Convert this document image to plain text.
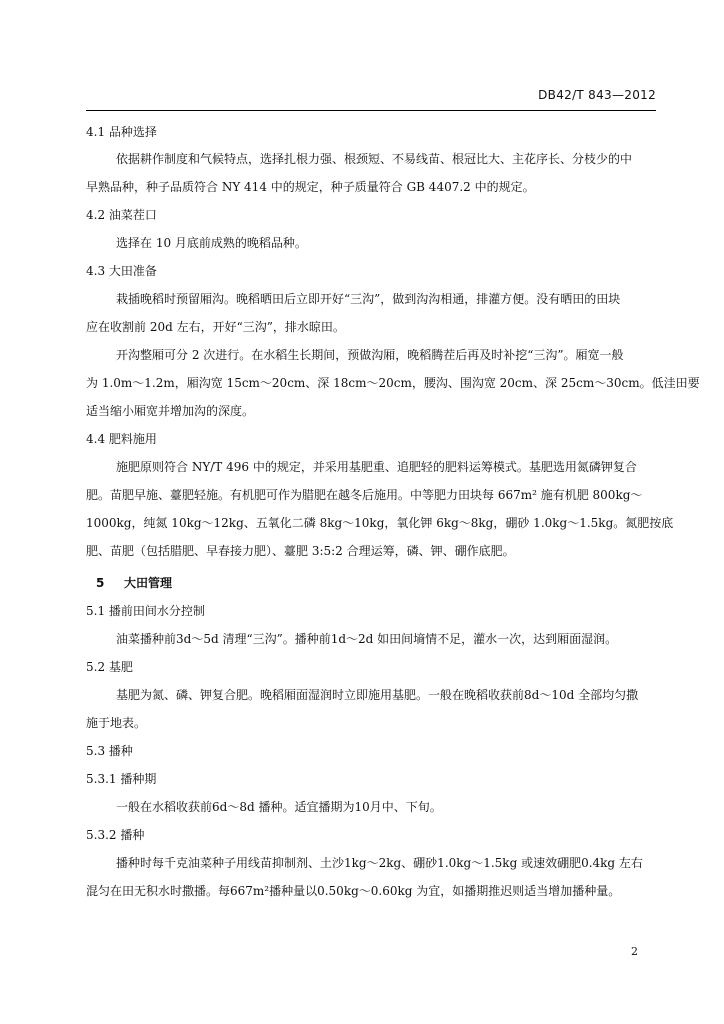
DB42/T 843—2012
4.1 品种选择
依据耕作制度和气候特点，选择扎根力强、根颈短、不易线苗、根冠比大、主花序长、分枝少的中
早熟品种，种子品质符合 NY 414 中的规定，种子质量符合 GB 4407.2 中的规定。
4.2 油菜茬口
选择在 10 月底前成熟的晚稻品种。
4.3 大田准备
栽插晚稻时预留厢沟。晚稻晒田后立即开好“三沟”，做到沟沟相通，排灌方便。没有晒田的田块
应在收割前 20d 左右，开好“三沟”，排水晾田。
开沟整厢可分 2 次进行。在水稻生长期间，预做沟厢，晚稻腾茬后再及时补挖“三沟”。厢宽一般
为 1.0m～1.2m，厢沟宽 15cm～20cm、深 18cm～20cm，腰沟、围沟宽 20cm、深 25cm～30cm。低洼田要
适当缩小厢宽并增加沟的深度。
4.4 肥料施用
施肥原则符合 NY/T 496 中的规定，并采用基肥重、追肥轻的肥料运筹模式。基肥选用氮磷钾复合
肥。苗肥早施、薹肥轻施。有机肥可作为腊肥在越冬后施用。中等肥力田块每 667m² 施有机肥 800kg～
1000kg，纯氮 10kg～12kg、五氧化二磷 8kg～10kg，氧化钾 6kg～8kg，硼砂 1.0kg～1.5kg。氮肥按底
肥、苗肥（包括腊肥、早春接力肥）、薹肥 3:5:2 合理运筹，磷、钾、硼作底肥。
5 大田管理
5.1 播前田间水分控制
油菜播种前3d～5d 清理“三沟”。播种前1d～2d 如田间墒情不足，灌水一次，达到厢面湿润。
5.2 基肥
基肥为氮、磷、钾复合肥。晚稻厢面湿润时立即施用基肥。一般在晚稻收获前8d～10d 全部均匀撒
施于地表。
5.3 播种
5.3.1 播种期
一般在水稻收获前6d～8d 播种。适宜播期为10月中、下旬。
5.3.2 播种
播种时每千克油菜种子用线苗抑制剂、土沙1kg～2kg、硼砂1.0kg～1.5kg 或速效硼肥0.4kg 左右
混匀在田无积水时撒播。每667m²播种量以0.50kg～0.60kg 为宜，如播期推迟则适当增加播种量。
2
